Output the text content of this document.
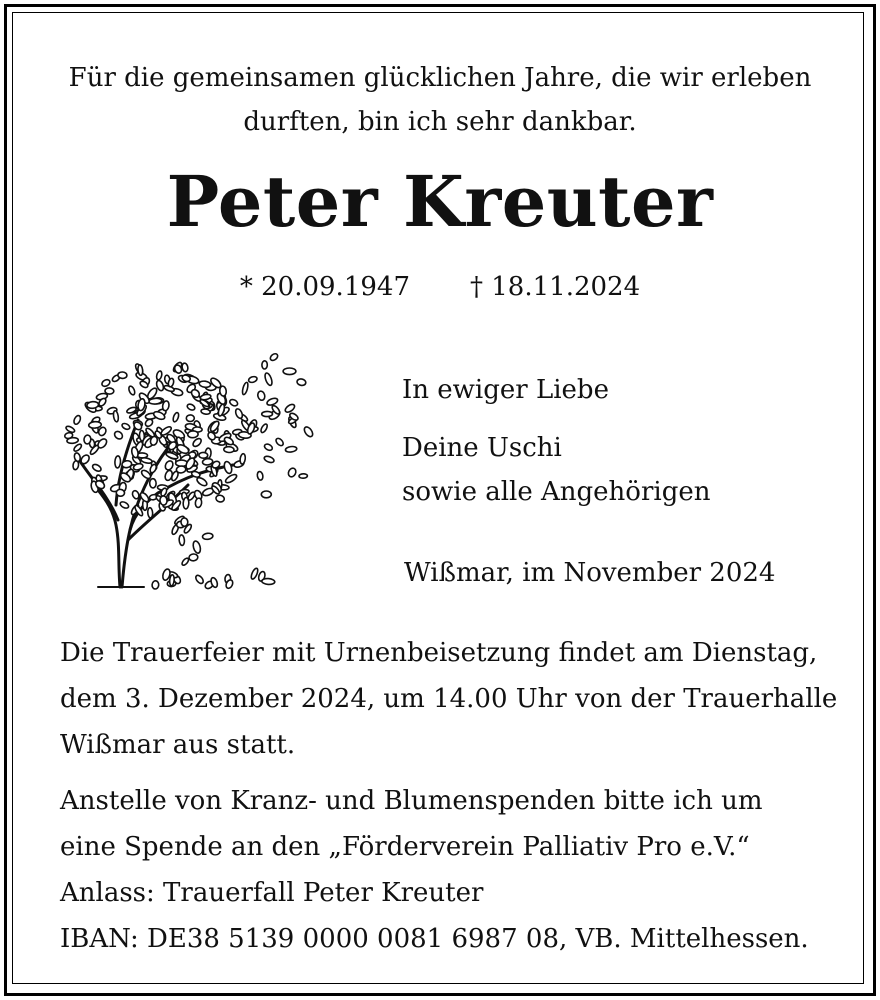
Für die gemeinsamen glücklichen Jahre, die wir erleben
durften, bin ich sehr dankbar.
Peter Kreuter
* 20.09.1947 † 18.11.2024
In ewiger Liebe
Deine Uschi
sowie alle Angehörigen
Wißmar, im November 2024
Die Trauerfeier mit Urnenbeisetzung findet am Dienstag,
dem 3. Dezember 2024, um 14.00 Uhr von der Trauerhalle
Wißmar aus statt.
Anstelle von Kranz- und Blumenspenden bitte ich um
eine Spende an den „Förderverein Palliativ Pro e.V.“
Anlass: Trauerfall Peter Kreuter
IBAN: DE38 5139 0000 0081 6987 08, VB. Mittelhessen.
